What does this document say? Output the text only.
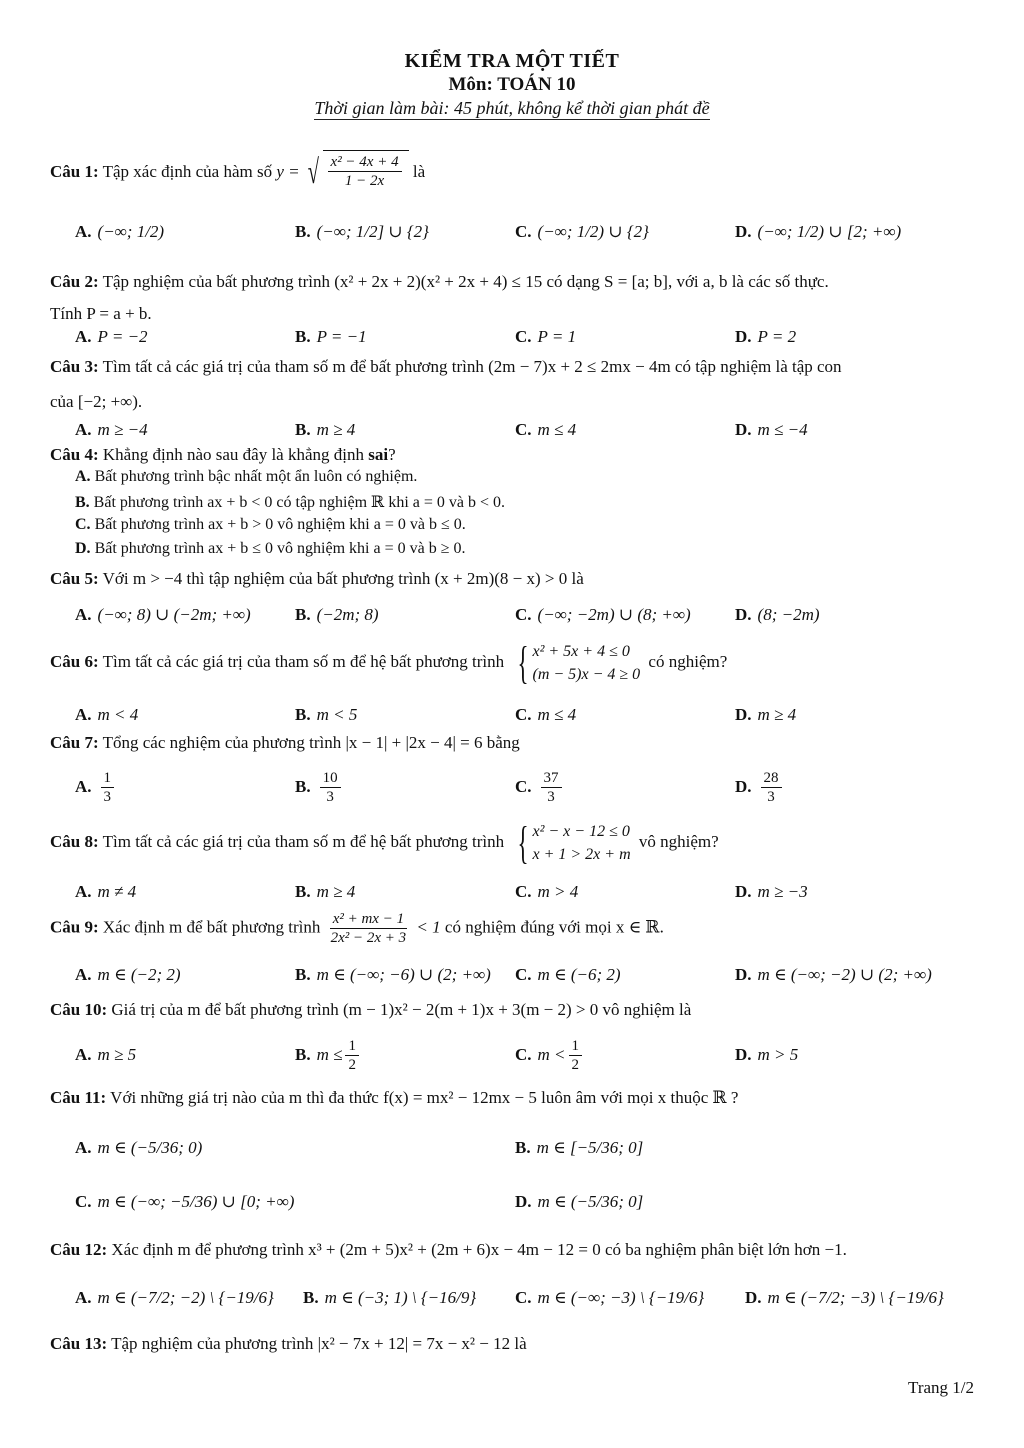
KIỂM TRA MỘT TIẾT
Môn: TOÁN 10
Thời gian làm bài: 45 phút, không kể thời gian phát đề
Câu 1: Tập xác định của hàm số y = √ $\frac{\text{x² − 4x + 4}}{1 - 2x}$ là
A. (−∞; 1/2)	B. (−∞; 1/2] ∪ {2}	C. (−∞; 1/2) ∪ {2}	D. (−∞; 1/2) ∪ [2; +∞)
Câu 2: Tập nghiệm của bất phương trình (x² + 2x + 2)(x² + 2x + 4) ≤ 15 có dạng S = [a; b], với a, b là các số thực.
Tính P = a + b.
A. P = −2	B. P = −1	C. P = 1	D. P = 2
Câu 3: Tìm tất cả các giá trị của tham số m để bất phương trình (2m − 7)x + 2 ≤ 2mx − 4m có tập nghiệm là tập con
của [−2; +∞).
A. m ≥ −4	B. m ≥ 4	C. m ≤ 4	D. m ≤ −4
Câu 4: Khẳng định nào sau đây là khẳng định sai?
A. Bất phương trình bậc nhất một ẩn luôn có nghiệm.
B. Bất phương trình ax + b < 0 có tập nghiệm ℝ khi a = 0 và b < 0.
C. Bất phương trình ax + b > 0 vô nghiệm khi a = 0 và b ≤ 0.
D. Bất phương trình ax + b ≤ 0 vô nghiệm khi a = 0 và b ≥ 0.
Câu 5: Với m > −4 thì tập nghiệm của bất phương trình (x + 2m)(8 − x) > 0 là
A. (−∞; 8) ∪ (−2m; +∞)	B. (−2m; 8)	C. (−∞; −2m) ∪ (8; +∞)	D. (8; −2m)
Câu 6: Tìm tất cả các giá trị của tham số m để hệ bất phương trình { x² + 5x + 4 ≤ 0
(m − 5)x − 4 ≥ 0
có nghiệm?
A. m < 4	B. m < 5	C. m ≤ 4	D. m ≥ 4
Câu 7: Tổng các nghiệm của phương trình |x − 1| + |2x − 4| = 6 bằng
A. $\frac{1}{3}$	B. $\frac{10}{3}$	C. $\frac{37}{3}$	D. $\frac{28}{3}$
Câu 8: Tìm tất cả các giá trị của tham số m để hệ bất phương trình { x² − x − 12 ≤ 0
x + 1 > 2x + m
vô nghiệm?
A. m ≠ 4	B. m ≥ 4	C. m > 4	D. m ≥ −3
Câu 9: Xác định m để bất phương trình $\frac{\text{x² + mx − 1}}{\text{2x² − 2x + 3}} < 1$ có nghiệm đúng với mọi x ∈ ℝ.
A. m ∈ (−2; 2)	B. m ∈ (−∞; −6) ∪ (2; +∞) C. m ∈ (−6; 2)	D. m ∈ (−∞; −2) ∪ (2; +∞)
Câu 10: Giá trị của m để bất phương trình (m − 1)x² − 2(m + 1)x + 3(m − 2) > 0 vô nghiệm là
A. m ≥ 5	B. $m \le \frac{1}{2}$	C. $m < \frac{1}{2}$	D. m > 5
Câu 11: Với những giá trị nào của m thì đa thức f(x) = mx² − 12mx − 5 luôn âm với mọi x thuộc ℝ ?
A. m ∈ (−5/36; 0)	B. m ∈ [−5/36; 0]
C. m ∈ (−∞; −5/36) ∪ [0; +∞)	D. m ∈ (−5/36; 0]
Câu 12: Xác định m để phương trình x³ + (2m + 5)x² + (2m + 6)x − 4m − 12 = 0 có ba nghiệm phân biệt lớn hơn −1.
A. m ∈ (−7/2; −2) \ {−19/6} B. m ∈ (−3; 1) \ {−16/9} C. m ∈ (−∞; −3) \ {−19/6} D. m ∈ (−7/2; −3) \ {−19/6}
Câu 13: Tập nghiệm của phương trình |x² − 7x + 12| = 7x − x² − 12 là
Trang 1/2
